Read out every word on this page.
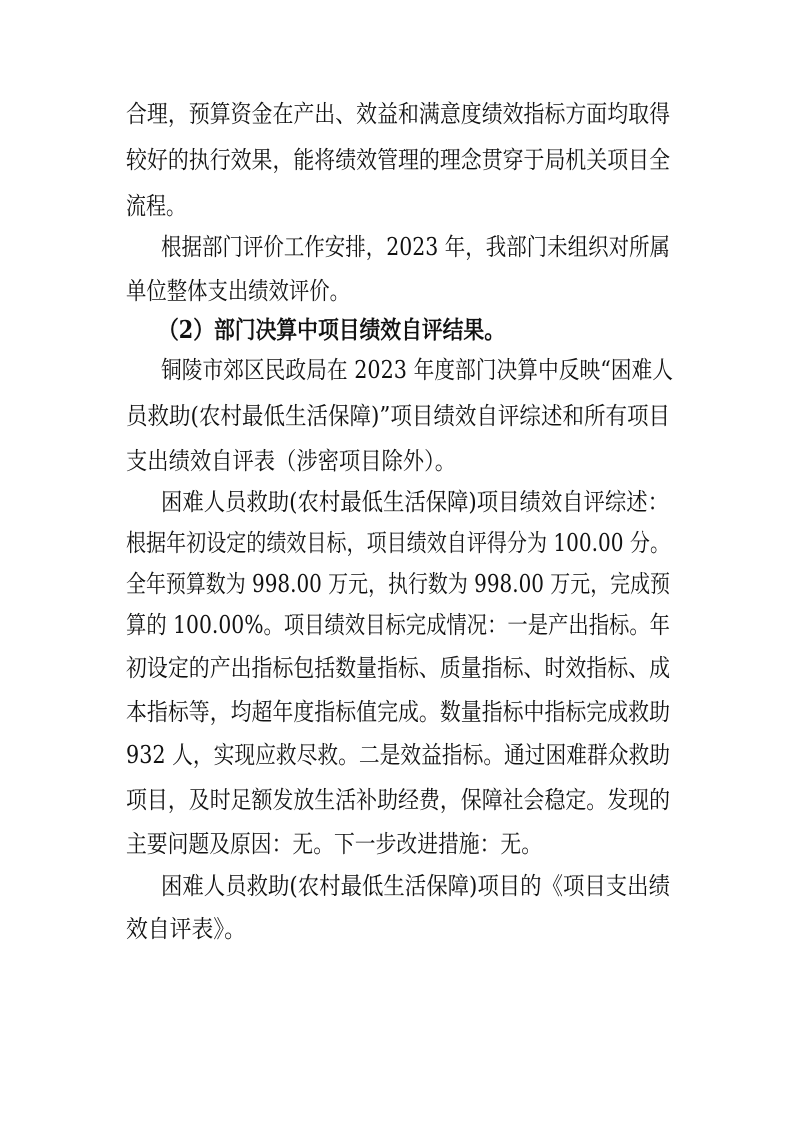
合理，预算资金在产出、效益和满意度绩效指标方面均取得
较好的执行效果，能将绩效管理的理念贯穿于局机关项目全
流程。
根据部门评价工作安排，2023 年，我部门未组织对所属
单位整体支出绩效评价。
（2）部门决算中项目绩效自评结果。
铜陵市郊区民政局在 2023 年度部门决算中反映“困难人
员救助(农村最低生活保障)”项目绩效自评综述和所有项目
支出绩效自评表（涉密项目除外）。
困难人员救助(农村最低生活保障)项目绩效自评综述：
根据年初设定的绩效目标，项目绩效自评得分为 100.00 分。
全年预算数为 998.00 万元，执行数为 998.00 万元，完成预
算的 100.00%。项目绩效目标完成情况：一是产出指标。年
初设定的产出指标包括数量指标、质量指标、时效指标、成
本指标等，均超年度指标值完成。数量指标中指标完成救助
932 人，实现应救尽救。二是效益指标。通过困难群众救助
项目，及时足额发放生活补助经费，保障社会稳定。发现的
主要问题及原因：无。下一步改进措施：无。
困难人员救助(农村最低生活保障)项目的《项目支出绩
效自评表》。
